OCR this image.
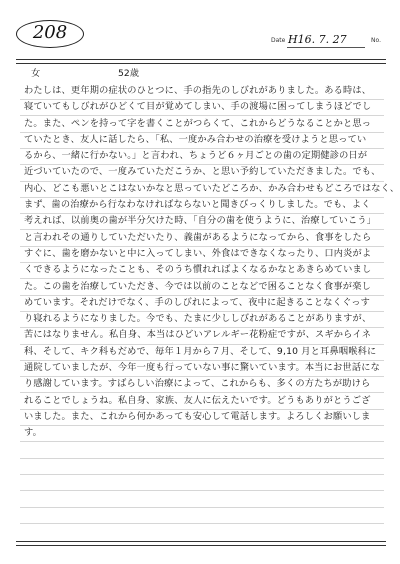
208	Date H16. 7. 27	No.
女	52歳
わたしは、更年期の症状のひとつに、手の指先のしびれがありました。ある時は、
寝ていてもしびれがひどくて目が覚めてしまい、手の渡場に困ってしまうほどでし
た。また、ペンを持って字を書くことがつらくて、これからどうなることかと思っ
ていたとき、友人に話したら、「私、一度かみ合わせの治療を受けようと思ってい
るから、一緒に行かない。」と言われ、ちょうど６ヶ月ごとの歯の定期健診の日が
近づいていたので、一度みていただこうか、と思い予約していただきました。でも、
内心、どこも悪いとこはないかなと思っていたどころか、かみ合わせもどころではなく、
まず、歯の治療から行なわなければならないと聞きびっくりしました。でも、よく
考えれば、以前奥の歯が半分欠けた時、「自分の歯を使うように、治療していこう」
と言われその通りしていただいたり、義歯があるようになってから、食事をしたら
すぐに、歯を磨かないと中に入ってしまい、外食はできなくなったり、口内炎がよ
くできるようになったことも、そのうち慣れればよくなるかなとあきらめていまし
た。この歯を治療していただき、今では以前のことなどで困ることなく食事が楽し
めています。それだけでなく、手のしびれによって、夜中に起きることなくぐっす
り寝れるようになりました。今でも、たまに少ししびれがあることがありますが、
苦にはなりません。私自身、本当はひどいアレルギー花粉症ですが、スギからイネ
科、そして、キク科もだめで、毎年１月から７月、そして、9,10 月と耳鼻咽喉科に
通院していましたが、今年一度も行っていない事に驚いています。本当にお世話にな
り感謝しています。すばらしい治療によって、これからも、多くの方たちが助けら
れることでしょうね。私自身、家族、友人に伝えたいです。どうもありがとうござ
いました。また、これから何かあっても安心して電話します。よろしくお願いしま
す。
